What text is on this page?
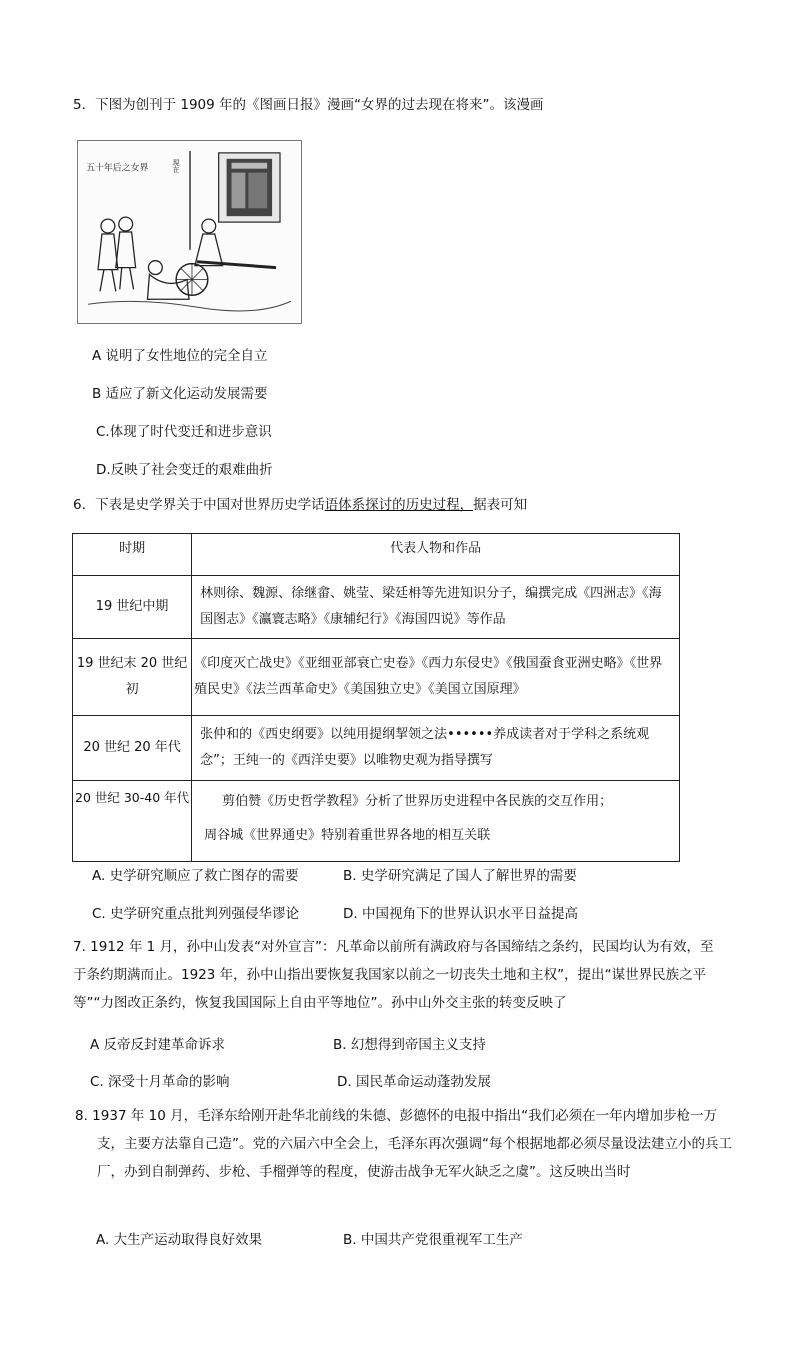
5．下图为创刊于 1909 年的《图画日报》漫画“女界的过去现在将来”。该漫画
五十年后之女界	現在
A 说明了女性地位的完全自立
B 适应了新文化运动发展需要
C.体现了时代变迁和进步意识
D.反映了社会变迁的艰难曲折
6．下表是史学界关于中国对世界历史学话语体系探讨的历史过程，据表可知
时期	代表人物和作品
19 世纪中期	林则徐、魏源、徐继畲、姚莹、梁廷枏等先进知识分子，编撰完成《四洲志》《海国图志》《瀛寰志略》《康辅纪行》《海国四说》等作品
19 世纪末 20 世纪初	《印度灭亡战史》《亚细亚部衰亡史卷》《西力东侵史》《俄国蚕食亚洲史略》《世界殖民史》《法兰西革命史》《美国独立史》《美国立国原理》
20 世纪 20 年代	张仲和的《西史纲要》以纯用提纲挈领之法••••••养成读者对于学科之系统观念”；王纯一的《西洋史要》以唯物史观为指导撰写
20 世纪 30-40 年代	剪伯赞《历史哲学教程》分析了世界历史进程中各民族的交互作用；
周谷城《世界通史》特别着重世界各地的相互关联
A. 史学研究顺应了救亡图存的需要	B. 史学研究满足了国人了解世界的需要
C. 史学研究重点批判列强侵华谬论	D. 中国视角下的世界认识水平日益提高
7. 1912 年 1 月，孙中山发表“对外宣言”：凡革命以前所有满政府与各国缔结之条约，民国均认为有效，至于条约期满而止。1923 年，孙中山指出要恢复我国家以前之一切丧失土地和主权”，提出“谋世界民族之平等”“力图改正条约，恢复我国国际上自由平等地位”。孙中山外交主张的转变反映了
A 反帝反封建革命诉求	B. 幻想得到帝国主义支持
C. 深受十月革命的影响	D. 国民革命运动蓬勃发展
8. 1937 年 10 月，毛泽东给刚开赴华北前线的朱德、彭德怀的电报中指出“我们必须在一年内增加步枪一万支，主要方法靠自己造”。党的六届六中全会上，毛泽东再次强调“每个根据地都必须尽量设法建立小的兵工厂，办到自制弹药、步枪、手榴弹等的程度，使游击战争无军火缺乏之虞”。这反映出当时
A. 大生产运动取得良好效果	B. 中国共产党很重视军工生产
